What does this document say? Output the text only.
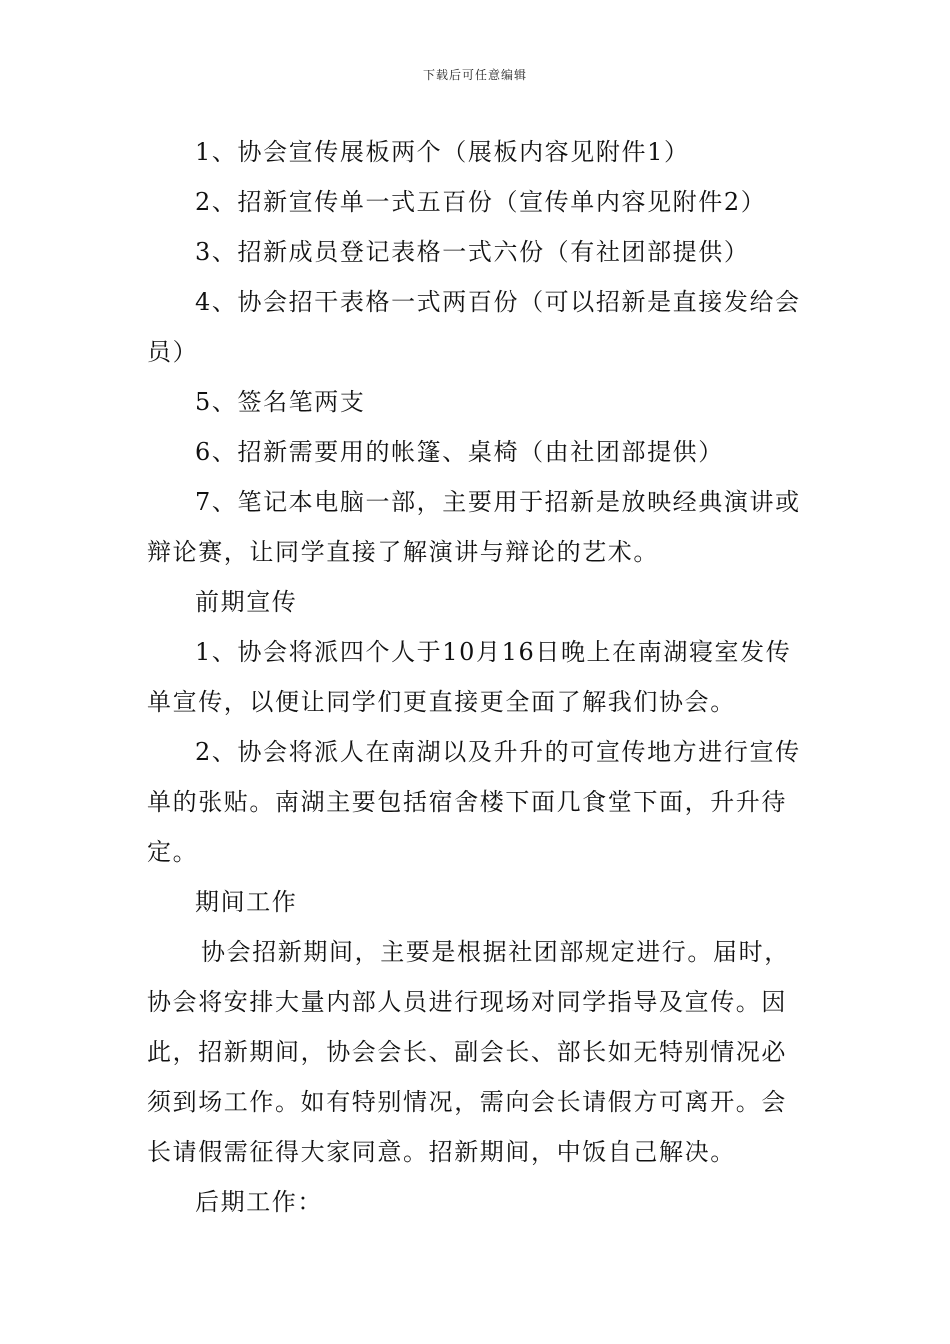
下载后可任意编辑

1、协会宣传展板两个（展板内容见附件1）

2、招新宣传单一式五百份（宣传单内容见附件2）

3、招新成员登记表格一式六份（有社团部提供）

4、协会招干表格一式两百份（可以招新是直接发给会员）

5、签名笔两支

6、招新需要用的帐篷、桌椅（由社团部提供）

7、笔记本电脑一部，主要用于招新是放映经典演讲或辩论赛，让同学直接了解演讲与辩论的艺术。

前期宣传

1、协会将派四个人于10月16日晚上在南湖寝室发传单宣传，以便让同学们更直接更全面了解我们协会。

2、协会将派人在南湖以及升升的可宣传地方进行宣传单的张贴。南湖主要包括宿舍楼下面几食堂下面，升升待定。

期间工作

协会招新期间，主要是根据社团部规定进行。届时，协会将安排大量内部人员进行现场对同学指导及宣传。因此，招新期间，协会会长、副会长、部长如无特别情况必须到场工作。如有特别情况，需向会长请假方可离开。会长请假需征得大家同意。招新期间，中饭自己解决。

后期工作：
